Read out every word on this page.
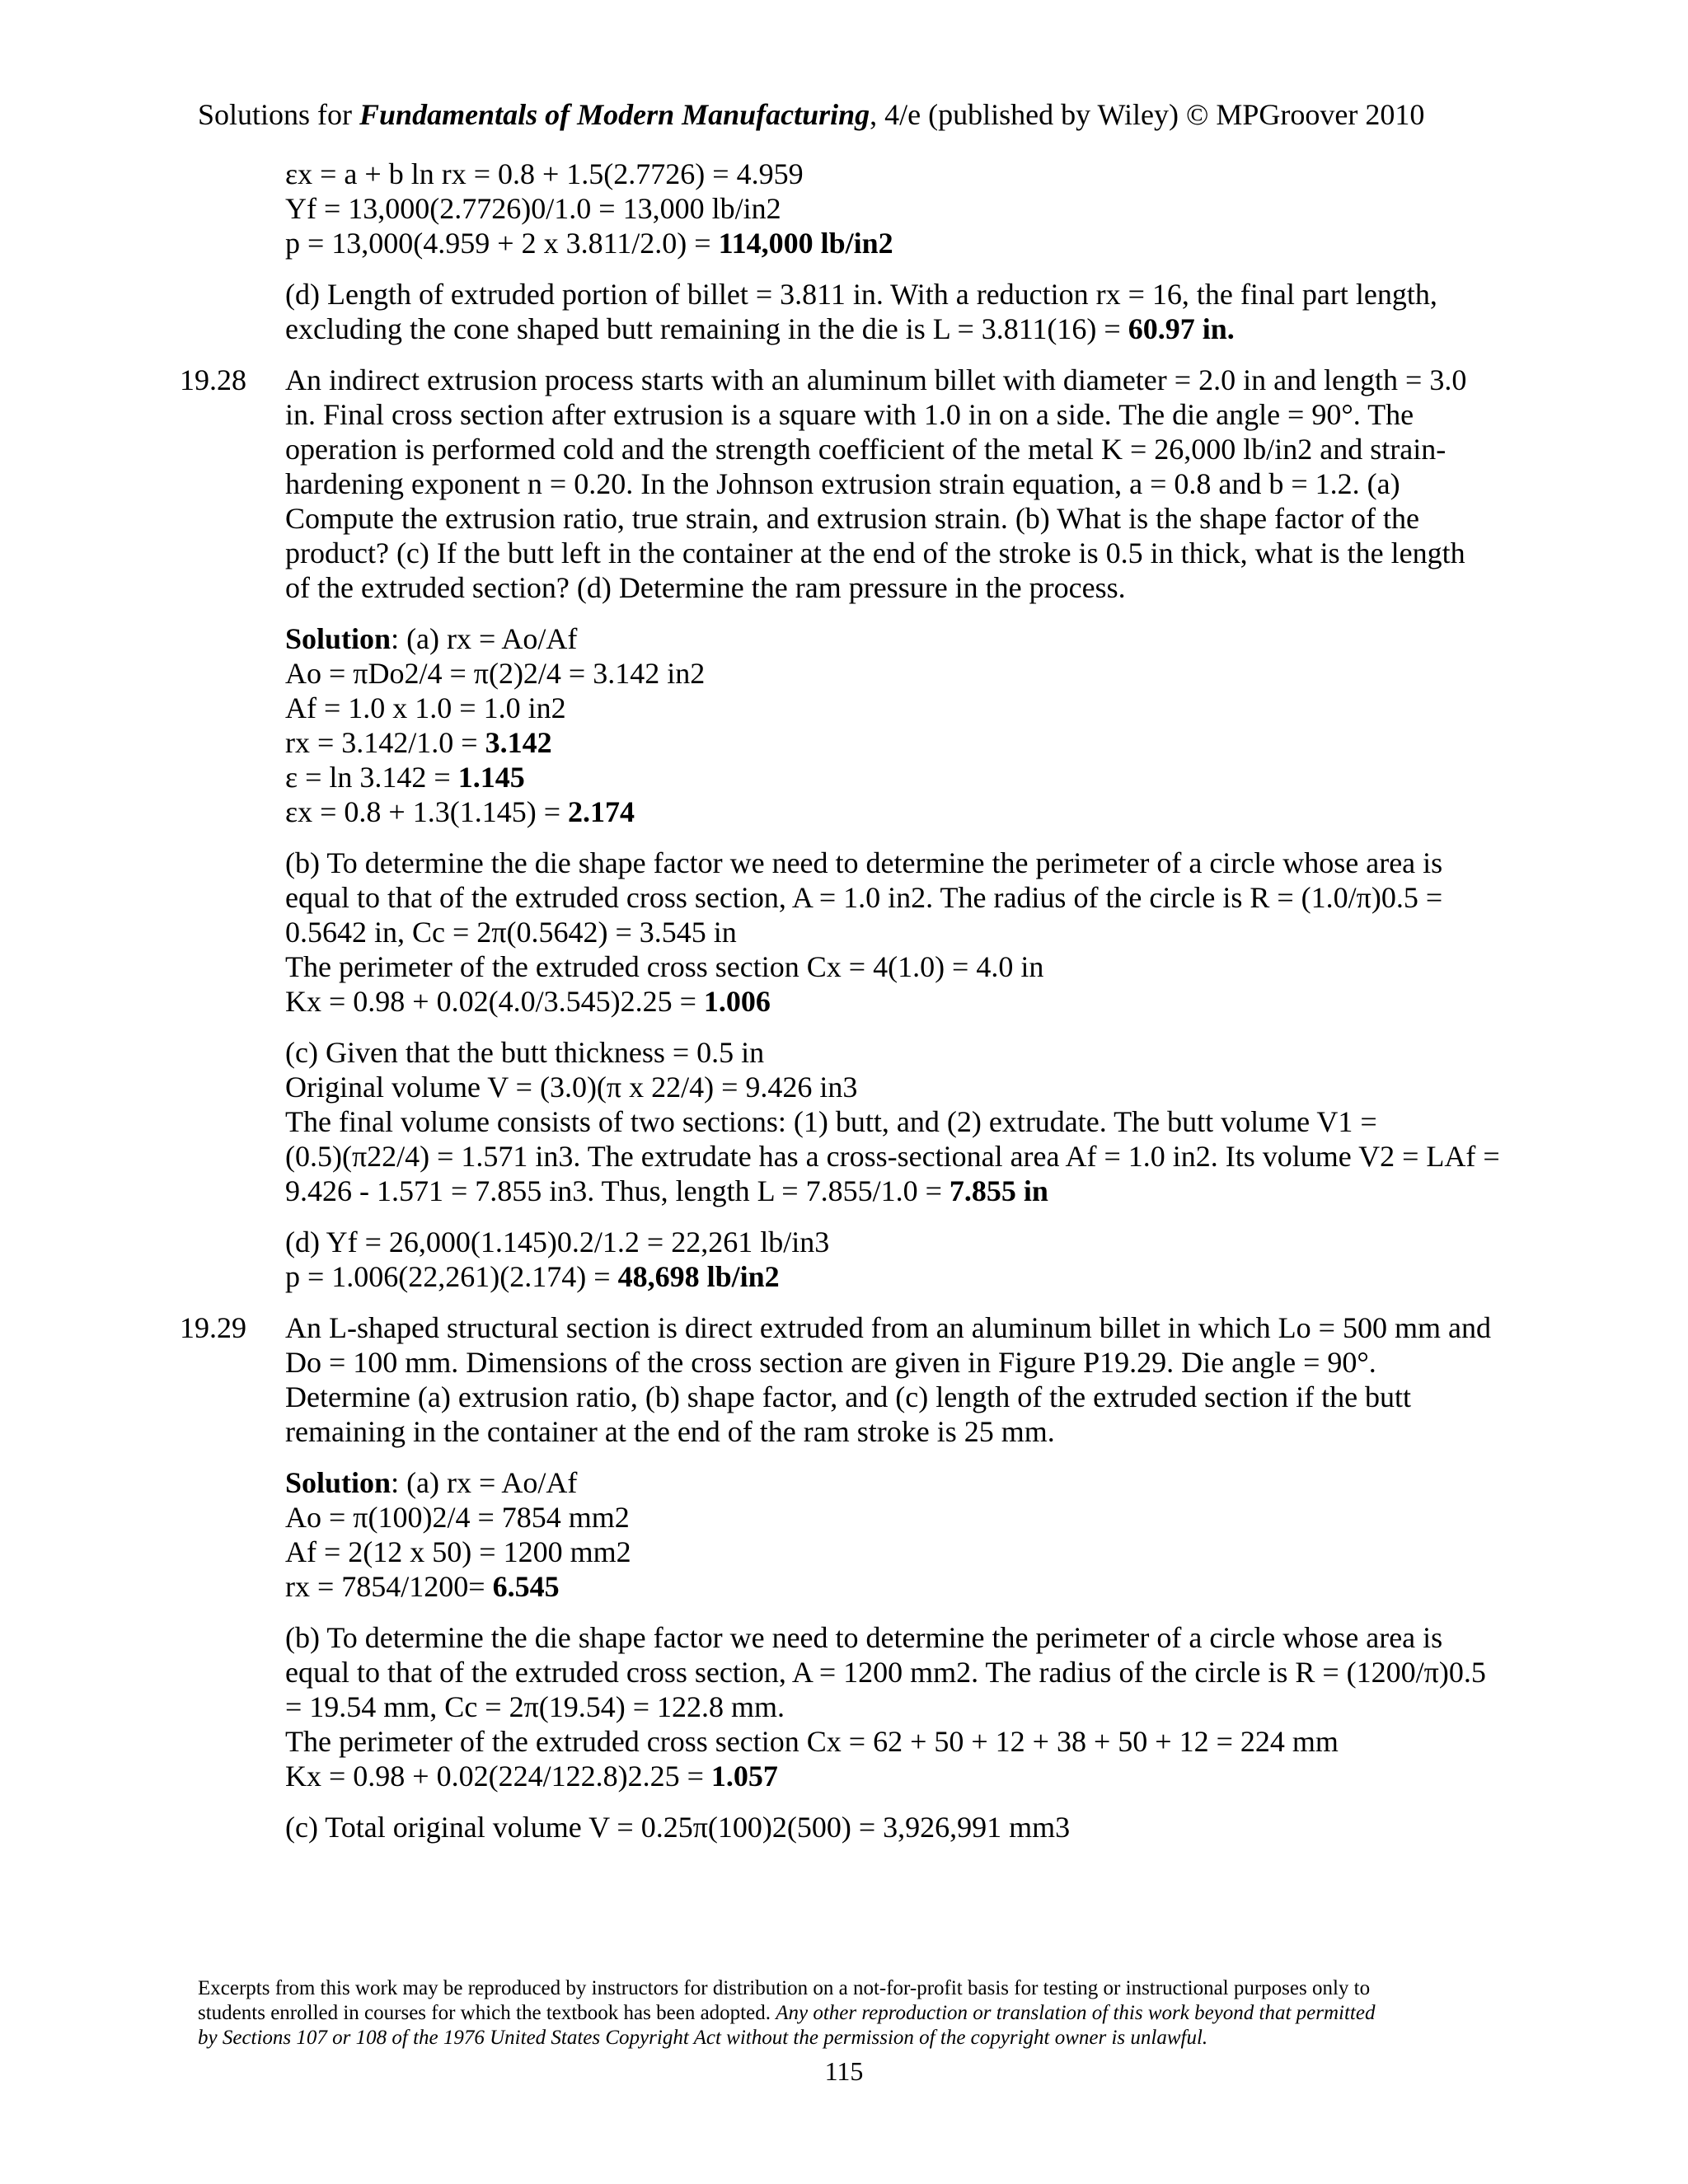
Solutions for Fundamentals of Modern Manufacturing, 4/e (published by Wiley) © MPGroover 2010
εx = a + b ln rx = 0.8 + 1.5(2.7726) = 4.959
Yf = 13,000(2.7726)0/1.0 = 13,000 lb/in2
p = 13,000(4.959 + 2 x 3.811/2.0) = 114,000 lb/in2
(d) Length of extruded portion of billet = 3.811 in. With a reduction rx = 16, the final part length,
excluding the cone shaped butt remaining in the die is L = 3.811(16) = 60.97 in.
19.28	An indirect extrusion process starts with an aluminum billet with diameter = 2.0 in and length = 3.0
in. Final cross section after extrusion is a square with 1.0 in on a side. The die angle = 90°. The
operation is performed cold and the strength coefficient of the metal K = 26,000 lb/in2 and strain-
hardening exponent n = 0.20. In the Johnson extrusion strain equation, a = 0.8 and b = 1.2. (a)
Compute the extrusion ratio, true strain, and extrusion strain. (b) What is the shape factor of the
product? (c) If the butt left in the container at the end of the stroke is 0.5 in thick, what is the length
of the extruded section? (d) Determine the ram pressure in the process.
Solution: (a) rx = Ao/Af
Ao = πDo2/4 = π(2)2/4 = 3.142 in2
Af = 1.0 x 1.0 = 1.0 in2
rx = 3.142/1.0 = 3.142
ε = ln 3.142 = 1.145
εx = 0.8 + 1.3(1.145) = 2.174
(b) To determine the die shape factor we need to determine the perimeter of a circle whose area is
equal to that of the extruded cross section, A = 1.0 in2. The radius of the circle is R = (1.0/π)0.5 =
0.5642 in, Cc = 2π(0.5642) = 3.545 in
The perimeter of the extruded cross section Cx = 4(1.0) = 4.0 in
Kx = 0.98 + 0.02(4.0/3.545)2.25 = 1.006
(c) Given that the butt thickness = 0.5 in
Original volume V = (3.0)(π x 22/4) = 9.426 in3
The final volume consists of two sections: (1) butt, and (2) extrudate. The butt volume V1 =
(0.5)(π22/4) = 1.571 in3. The extrudate has a cross-sectional area Af = 1.0 in2. Its volume V2 = LAf =
9.426 - 1.571 = 7.855 in3. Thus, length L = 7.855/1.0 = 7.855 in
(d) Yf = 26,000(1.145)0.2/1.2 = 22,261 lb/in3
p = 1.006(22,261)(2.174) = 48,698 lb/in2
19.29	An L-shaped structural section is direct extruded from an aluminum billet in which Lo = 500 mm and
Do = 100 mm. Dimensions of the cross section are given in Figure P19.29. Die angle = 90°.
Determine (a) extrusion ratio, (b) shape factor, and (c) length of the extruded section if the butt
remaining in the container at the end of the ram stroke is 25 mm.
Solution: (a) rx = Ao/Af
Ao = π(100)2/4 = 7854 mm2
Af = 2(12 x 50) = 1200 mm2
rx = 7854/1200= 6.545
(b) To determine the die shape factor we need to determine the perimeter of a circle whose area is
equal to that of the extruded cross section, A = 1200 mm2. The radius of the circle is R = (1200/π)0.5
= 19.54 mm, Cc = 2π(19.54) = 122.8 mm.
The perimeter of the extruded cross section Cx = 62 + 50 + 12 + 38 + 50 + 12 = 224 mm
Kx = 0.98 + 0.02(224/122.8)2.25 = 1.057
(c) Total original volume V = 0.25π(100)2(500) = 3,926,991 mm3
Excerpts from this work may be reproduced by instructors for distribution on a not-for-profit basis for testing or instructional purposes only to
students enrolled in courses for which the textbook has been adopted. Any other reproduction or translation of this work beyond that permitted
by Sections 107 or 108 of the 1976 United States Copyright Act without the permission of the copyright owner is unlawful.
115
